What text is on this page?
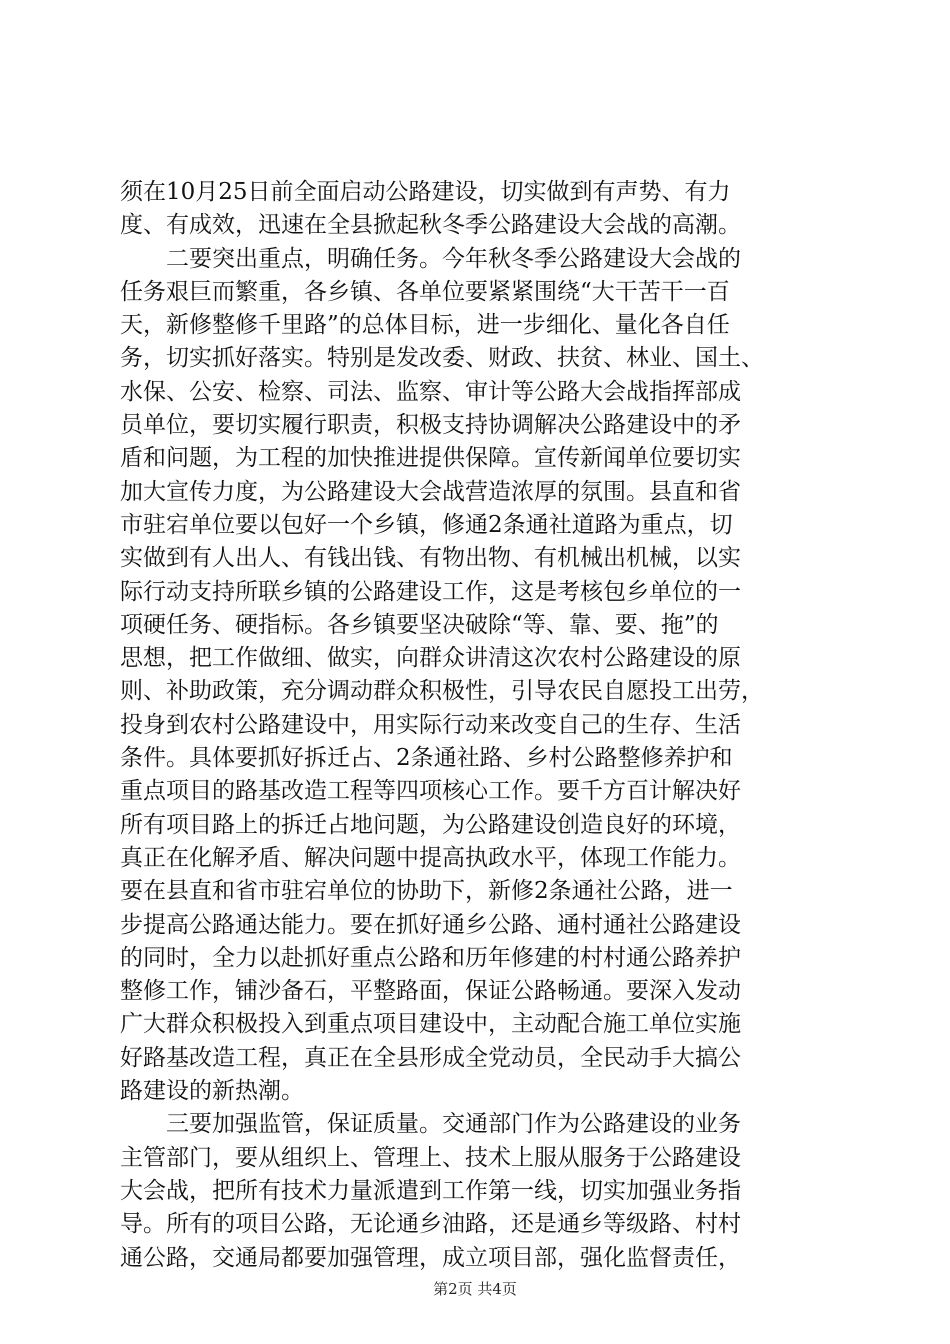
须在10月25日前全面启动公路建设，切实做到有声势、有力
度、有成效，迅速在全县掀起秋冬季公路建设大会战的高潮。
　　二要突出重点，明确任务。今年秋冬季公路建设大会战的
任务艰巨而繁重，各乡镇、各单位要紧紧围绕“大干苦干一百
天，新修整修千里路”的总体目标，进一步细化、量化各自任
务，切实抓好落实。特别是发改委、财政、扶贫、林业、国土、
水保、公安、检察、司法、监察、审计等公路大会战指挥部成
员单位，要切实履行职责，积极支持协调解决公路建设中的矛
盾和问题，为工程的加快推进提供保障。宣传新闻单位要切实
加大宣传力度，为公路建设大会战营造浓厚的氛围。县直和省
市驻宕单位要以包好一个乡镇，修通2条通社道路为重点，切
实做到有人出人、有钱出钱、有物出物、有机械出机械，以实
际行动支持所联乡镇的公路建设工作，这是考核包乡单位的一
项硬任务、硬指标。各乡镇要坚决破除“等、靠、要、拖”的
思想，把工作做细、做实，向群众讲清这次农村公路建设的原
则、补助政策，充分调动群众积极性，引导农民自愿投工出劳，
投身到农村公路建设中，用实际行动来改变自己的生存、生活
条件。具体要抓好拆迁占、2条通社路、乡村公路整修养护和
重点项目的路基改造工程等四项核心工作。要千方百计解决好
所有项目路上的拆迁占地问题，为公路建设创造良好的环境，
真正在化解矛盾、解决问题中提高执政水平，体现工作能力。
要在县直和省市驻宕单位的协助下，新修2条通社公路，进一
步提高公路通达能力。要在抓好通乡公路、通村通社公路建设
的同时，全力以赴抓好重点公路和历年修建的村村通公路养护
整修工作，铺沙备石，平整路面，保证公路畅通。要深入发动
广大群众积极投入到重点项目建设中，主动配合施工单位实施
好路基改造工程，真正在全县形成全党动员，全民动手大搞公
路建设的新热潮。
　　三要加强监管，保证质量。交通部门作为公路建设的业务
主管部门，要从组织上、管理上、技术上服从服务于公路建设
大会战，把所有技术力量派遣到工作第一线，切实加强业务指
导。所有的项目公路，无论通乡油路，还是通乡等级路、村村
通公路，交通局都要加强管理，成立项目部，强化监督责任，
第2页 共4页
